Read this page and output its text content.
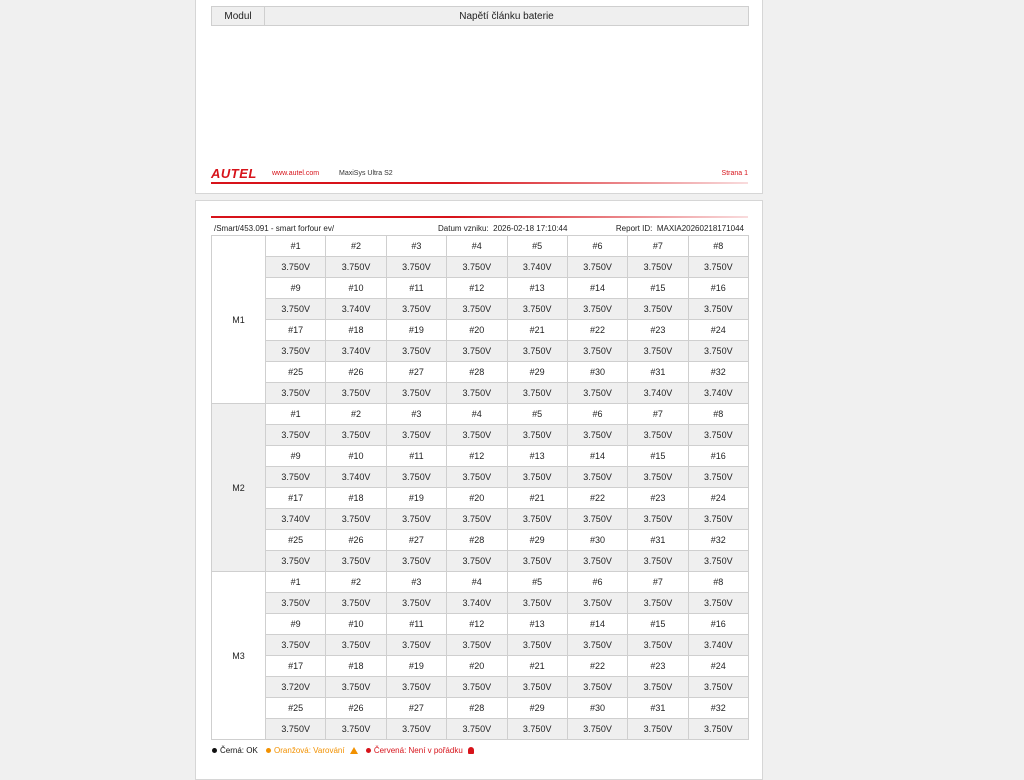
Modul	Napětí článku baterie
AUTEL www.autel.com	MaxiSys Ultra S2	Strana 1
/Smart/453.091 - smart forfour ev/	Datum vzniku: 2026-02-18 17:10:44	Report ID: MAXIA20260218171044
M1	#1	#2	#3	#4	#5	#6	#7	#8
	3.750V	3.750V	3.750V	3.750V	3.740V	3.750V	3.750V	3.750V
	#9	#10	#11	#12	#13	#14	#15	#16
	3.750V	3.740V	3.750V	3.750V	3.750V	3.750V	3.750V	3.750V
	#17	#18	#19	#20	#21	#22	#23	#24
	3.750V	3.740V	3.750V	3.750V	3.750V	3.750V	3.750V	3.750V
	#25	#26	#27	#28	#29	#30	#31	#32
	3.750V	3.750V	3.750V	3.750V	3.750V	3.750V	3.740V	3.740V
M2	#1	#2	#3	#4	#5	#6	#7	#8
	3.750V	3.750V	3.750V	3.750V	3.750V	3.750V	3.750V	3.750V
	#9	#10	#11	#12	#13	#14	#15	#16
	3.750V	3.740V	3.750V	3.750V	3.750V	3.750V	3.750V	3.750V
	#17	#18	#19	#20	#21	#22	#23	#24
	3.740V	3.750V	3.750V	3.750V	3.750V	3.750V	3.750V	3.750V
	#25	#26	#27	#28	#29	#30	#31	#32
	3.750V	3.750V	3.750V	3.750V	3.750V	3.750V	3.750V	3.750V
M3	#1	#2	#3	#4	#5	#6	#7	#8
	3.750V	3.750V	3.750V	3.740V	3.750V	3.750V	3.750V	3.750V
	#9	#10	#11	#12	#13	#14	#15	#16
	3.750V	3.750V	3.750V	3.750V	3.750V	3.750V	3.750V	3.740V
	#17	#18	#19	#20	#21	#22	#23	#24
	3.720V	3.750V	3.750V	3.750V	3.750V	3.750V	3.750V	3.750V
	#25	#26	#27	#28	#29	#30	#31	#32
	3.750V	3.750V	3.750V	3.750V	3.750V	3.750V	3.750V	3.750V
Černá: OK Oranžová: Varování	Červená: Není v pořádku
